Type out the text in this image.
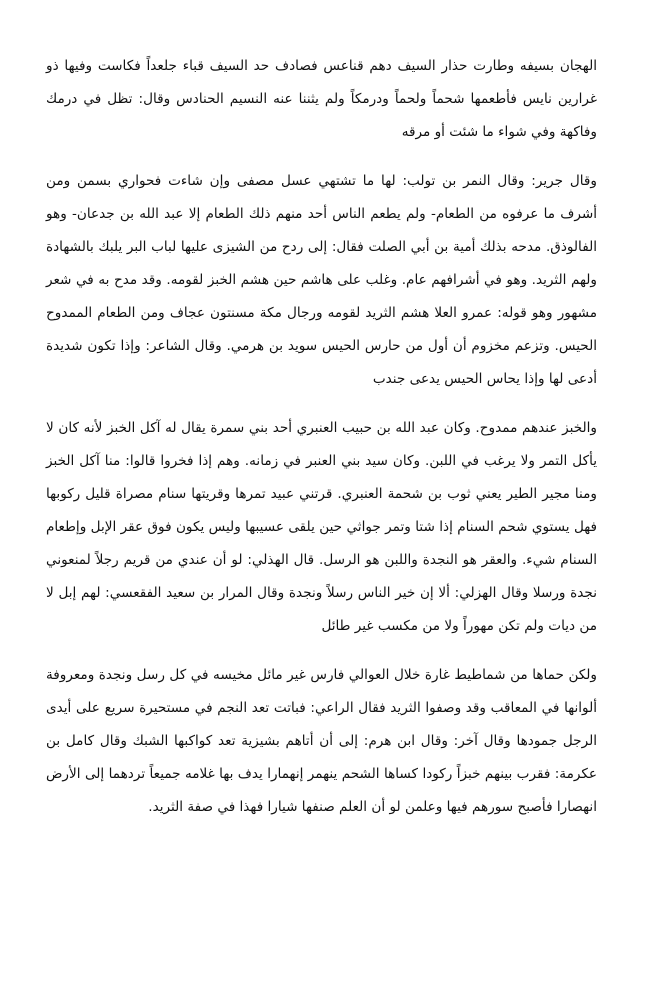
الهجان بسيفه وطارت حذار السيف دهم قناعس فصادف حد السيف قباء جلعداً فكاست وفيها ذو غرارين نايس فأطعمها شحماً ولحماً ودرمكاً ولم يثننا عنه النسيم الحنادس وقال: تظل في درمك وفاكهة وفي شواء ما شئت أو مرقه

وقال جرير: وقال النمر بن تولب: لها ما تشتهي عسل مصفى وإن شاءت فحواري بسمن ومن أشرف ما عرفوه من الطعام- ولم يطعم الناس أحد منهم ذلك الطعام إلا عبد الله بن جدعان- وهو الفالوذق. مدحه بذلك أمية بن أبي الصلت فقال: إلى ردح من الشيزى عليها لباب البر يلبك بالشهادة ولهم الثريد. وهو في أشرافهم عام. وغلب على هاشم حين هشم الخبز لقومه. وقد مدح به في شعر مشهور وهو قوله: عمرو العلا هشم الثريد لقومه ورجال مكة مسنتون عجاف ومن الطعام الممدوح الحيس. وتزعم مخزوم أن أول من حارس الحيس سويد بن هرمي. وقال الشاعر: وإذا تكون شديدة أدعى لها وإذا يحاس الحيس يدعى جندب

والخبز عندهم ممدوح. وكان عبد الله بن حبيب العنبري أحد بني سمرة يقال له آكل الخبز لأنه كان لا يأكل التمر ولا يرغب في اللبن. وكان سيد بني العنبر في زمانه. وهم إذا فخروا قالوا: منا آكل الخبز ومنا مجير الطير يعني ثوب بن شحمة العنبري. قرتني عبيد تمرها وقريتها سنام مصراة قليل ركوبها فهل يستوي شحم السنام إذا شتا وتمر جواثي حين يلقى عسيبها وليس يكون فوق عقر الإبل وإطعام السنام شيء. والعقر هو النجدة واللبن هو الرسل. قال الهذلي: لو أن عندي من قريم رجلاً لمنعوني نجدة ورسلا وقال الهزلي: ألا إن خير الناس رسلاً ونجدة وقال المرار بن سعيد الفقعسي: لهم إبل لا من ديات ولم تكن مهوراً ولا من مكسب غير طائل

ولكن حماها من شماطيط غارة خلال العوالي فارس غير مائل مخيسه في كل رسل ونجدة ومعروفة ألوانها في المعاقب وقد وصفوا الثريد فقال الراعي: فباتت تعد النجم في مستحيرة سريع على أيدى الرجل جمودها وقال آخر: وقال ابن هرم: إلى أن أتاهم بشيزية تعد كواكبها الشبك وقال كامل بن عكرمة: فقرب بينهم خبزاً ركودا كساها الشحم ينهمر إنهمارا يدف بها غلامه جميعاً تردهما إلى الأرض انهصارا فأصبح سورهم فيها وعلمن لو أن العلم صنفها شيارا فهذا في صفة الثريد.
